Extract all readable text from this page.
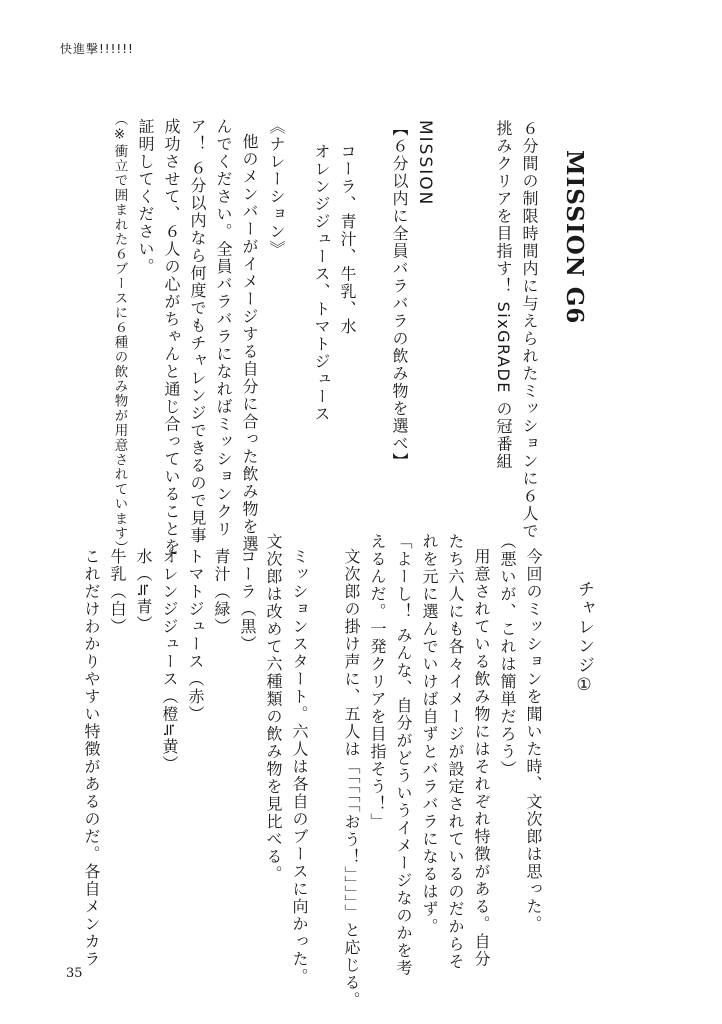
快進撃!!!!!!
MISSION G6
６分間の制限時間内に与えられたミッションに６人で
挑みクリアを目指す！ SixGRADE の冠番組
MISSION
【６分以内に全員バラバラの飲み物を選べ】
コーラ、青汁、牛乳、水
オレンジジュース、トマトジュース
《ナレーション》
他のメンバーがイメージする自分に合った飲み物を選
んでください。全員バラバラになればミッションクリ
ア！ ６分以内なら何度でもチャレンジできるので見事
成功させて、６人の心がちゃんと通じ合っていることを
証明してください。
（※衝立で囲まれた６ブースに６種の飲み物が用意されています）
チャレンジ①
今回のミッションを聞いた時、文次郎は思った。
（悪いが、これは簡単だろう）
用意されている飲み物にはそれぞれ特徴がある。自分
たち六人にも各々イメージが設定されているのだからそ
れを元に選んでいけば自ずとバラバラになるはず。
「よーし！ みんな、自分がどういうイメージなのかを考
えるんだ。一発クリアを目指そう！」
文次郎の掛け声に、五人は「「「「「おう！」」」」」と応じる。
ミッションスタート。六人は各自のブースに向かった。
文次郎は改めて六種類の飲み物を見比べる。
コーラ（黒）
青汁（緑）
トマトジュース（赤）
オレンジジュース（橙≒黄）
水（≒青）
牛乳（白）
これだけわかりやすい特徴があるのだ。各自メンカラ
35
